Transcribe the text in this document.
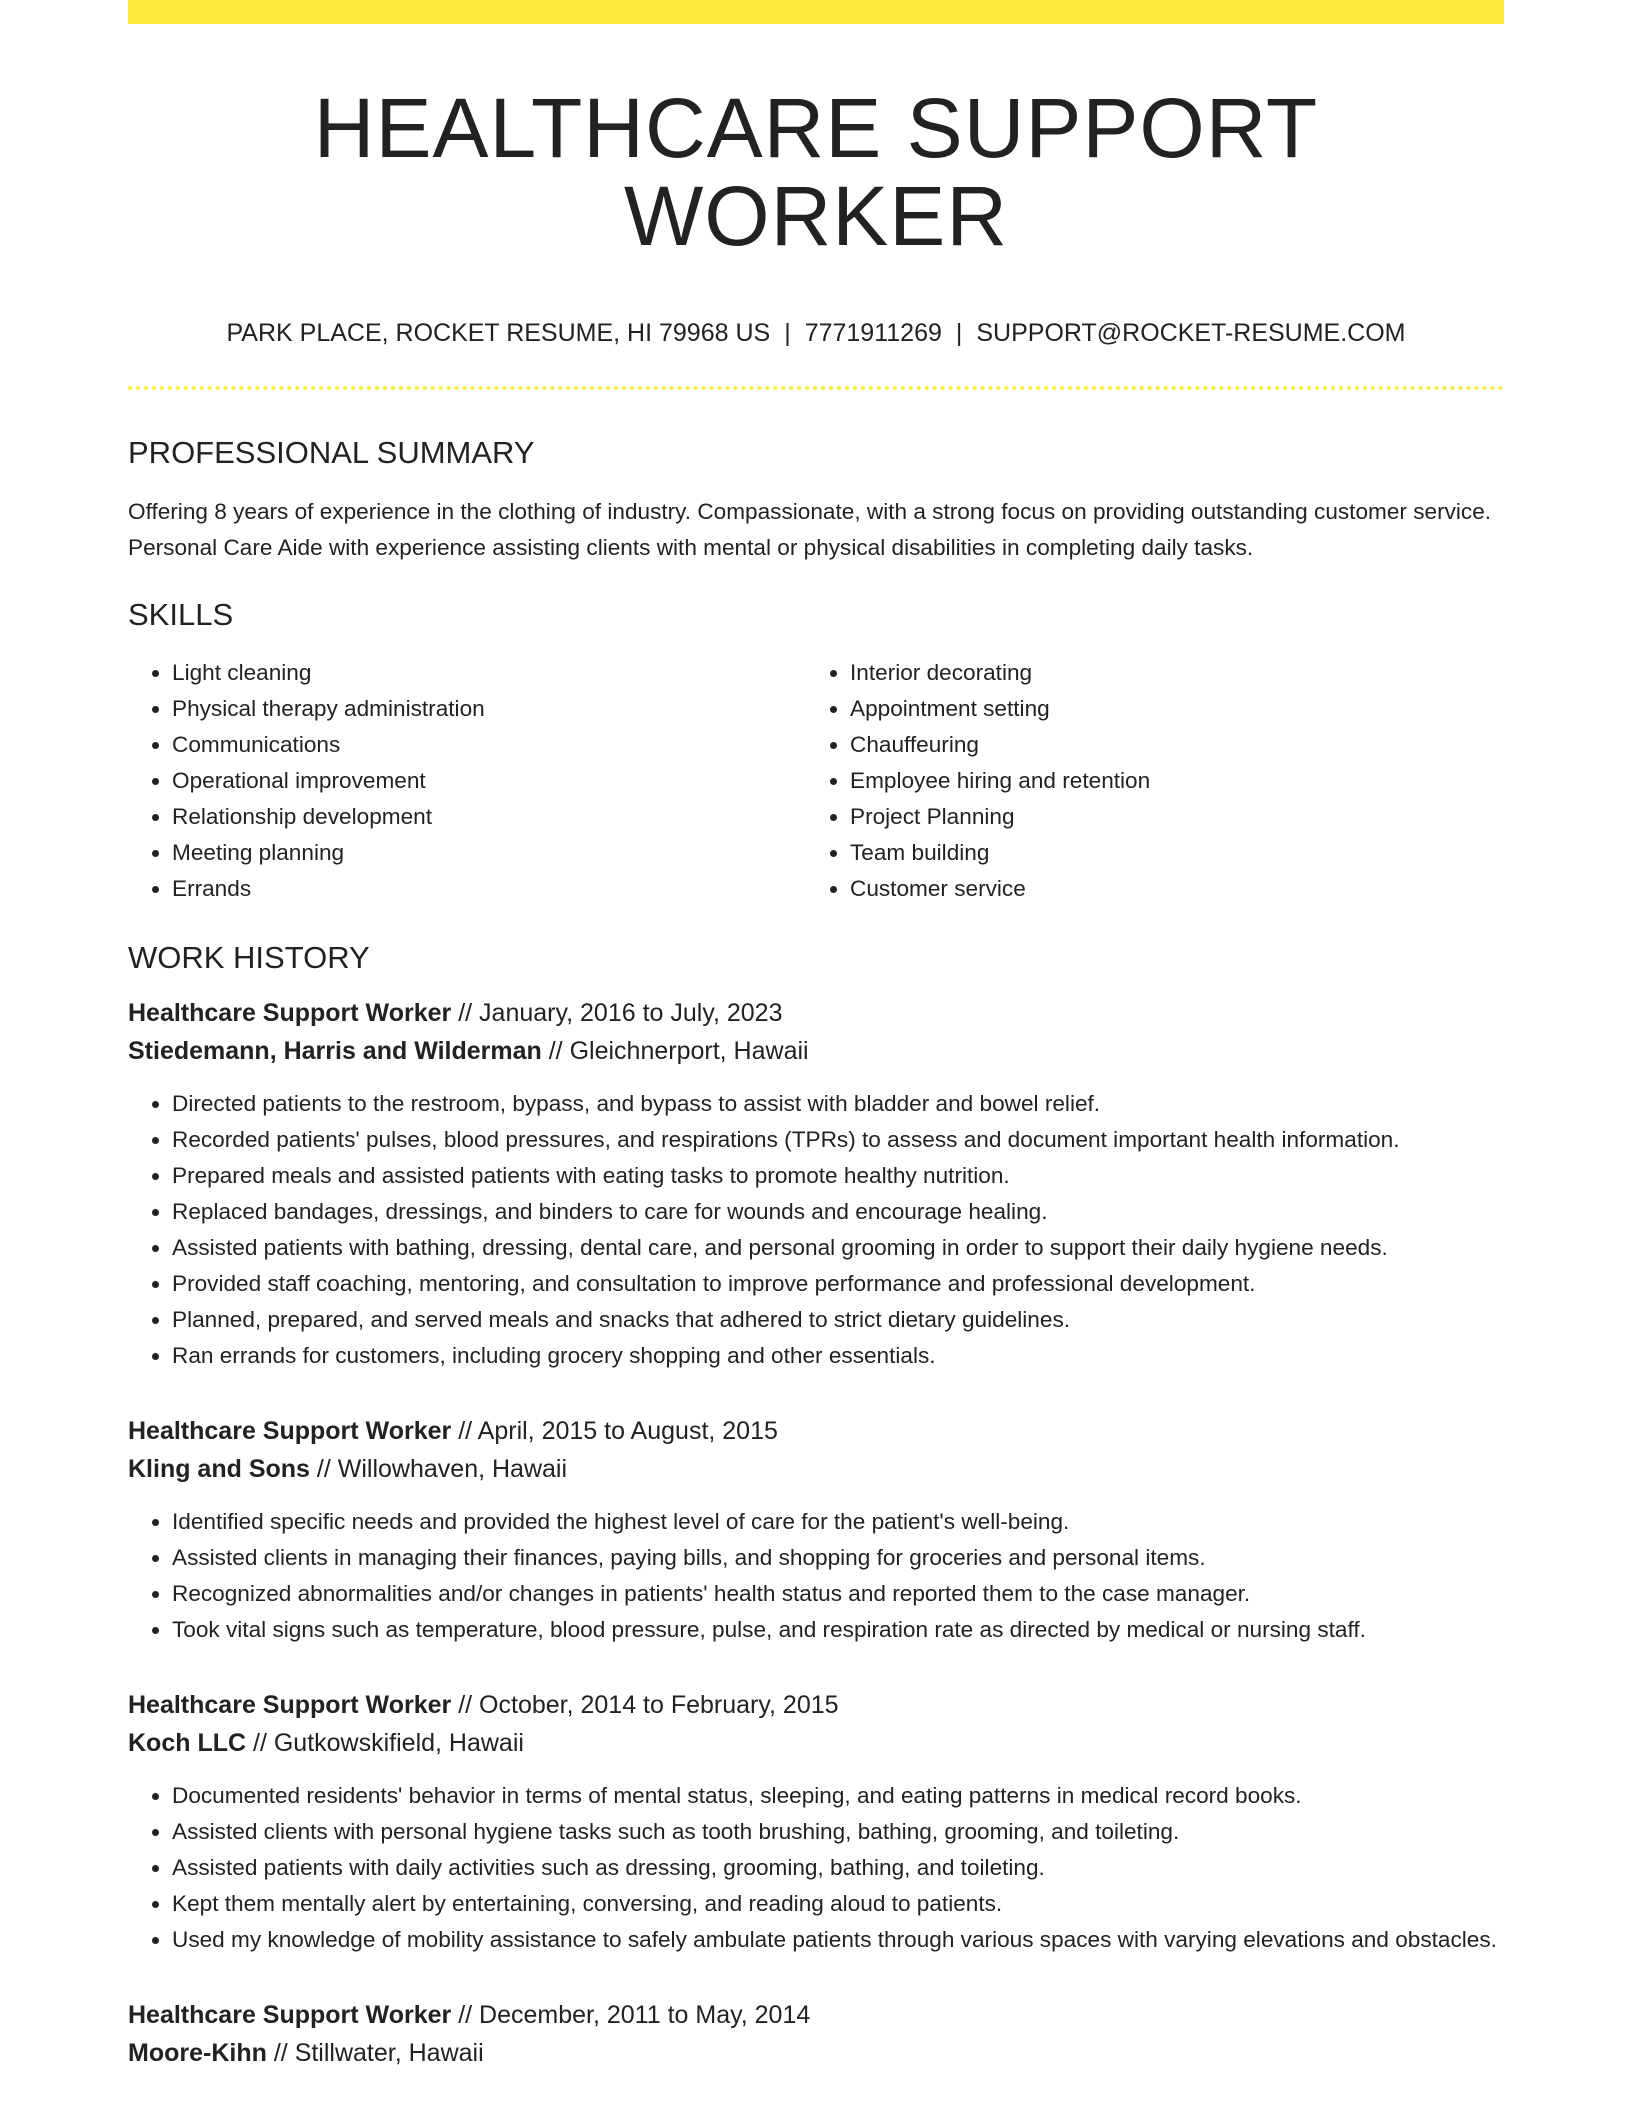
HEALTHCARE SUPPORT WORKER
PARK PLACE, ROCKET RESUME, HI 79968 US | 7771911269 | SUPPORT@ROCKET-RESUME.COM
PROFESSIONAL SUMMARY

Offering 8 years of experience in the clothing of industry. Compassionate, with a strong focus on providing outstanding customer service. Personal Care Aide with experience assisting clients with mental or physical disabilities in completing daily tasks.

SKILLS
• Light cleaning
• Physical therapy administration
• Communications
• Operational improvement
• Relationship development
• Meeting planning
• Errands
• Interior decorating
• Appointment setting
• Chauffeuring
• Employee hiring and retention
• Project Planning
• Team building
• Customer service
WORK HISTORY
Healthcare Support Worker // January, 2016 to July, 2023
Stiedemann, Harris and Wilderman // Gleichnerport, Hawaii
• Directed patients to the restroom, bypass, and bypass to assist with bladder and bowel relief.
• Recorded patients' pulses, blood pressures, and respirations (TPRs) to assess and document important health information.
• Prepared meals and assisted patients with eating tasks to promote healthy nutrition.
• Replaced bandages, dressings, and binders to care for wounds and encourage healing.
• Assisted patients with bathing, dressing, dental care, and personal grooming in order to support their daily hygiene needs.
• Provided staff coaching, mentoring, and consultation to improve performance and professional development.
• Planned, prepared, and served meals and snacks that adhered to strict dietary guidelines.
• Ran errands for customers, including grocery shopping and other essentials.
Healthcare Support Worker // April, 2015 to August, 2015
Kling and Sons // Willowhaven, Hawaii
• Identified specific needs and provided the highest level of care for the patient's well-being.
• Assisted clients in managing their finances, paying bills, and shopping for groceries and personal items.
• Recognized abnormalities and/or changes in patients' health status and reported them to the case manager.
• Took vital signs such as temperature, blood pressure, pulse, and respiration rate as directed by medical or nursing staff.
Healthcare Support Worker // October, 2014 to February, 2015
Koch LLC // Gutkowskifield, Hawaii
• Documented residents' behavior in terms of mental status, sleeping, and eating patterns in medical record books.
• Assisted clients with personal hygiene tasks such as tooth brushing, bathing, grooming, and toileting.
• Assisted patients with daily activities such as dressing, grooming, bathing, and toileting.
• Kept them mentally alert by entertaining, conversing, and reading aloud to patients.
• Used my knowledge of mobility assistance to safely ambulate patients through various spaces with varying elevations and obstacles.
Healthcare Support Worker // December, 2011 to May, 2014
Moore-Kihn // Stillwater, Hawaii
